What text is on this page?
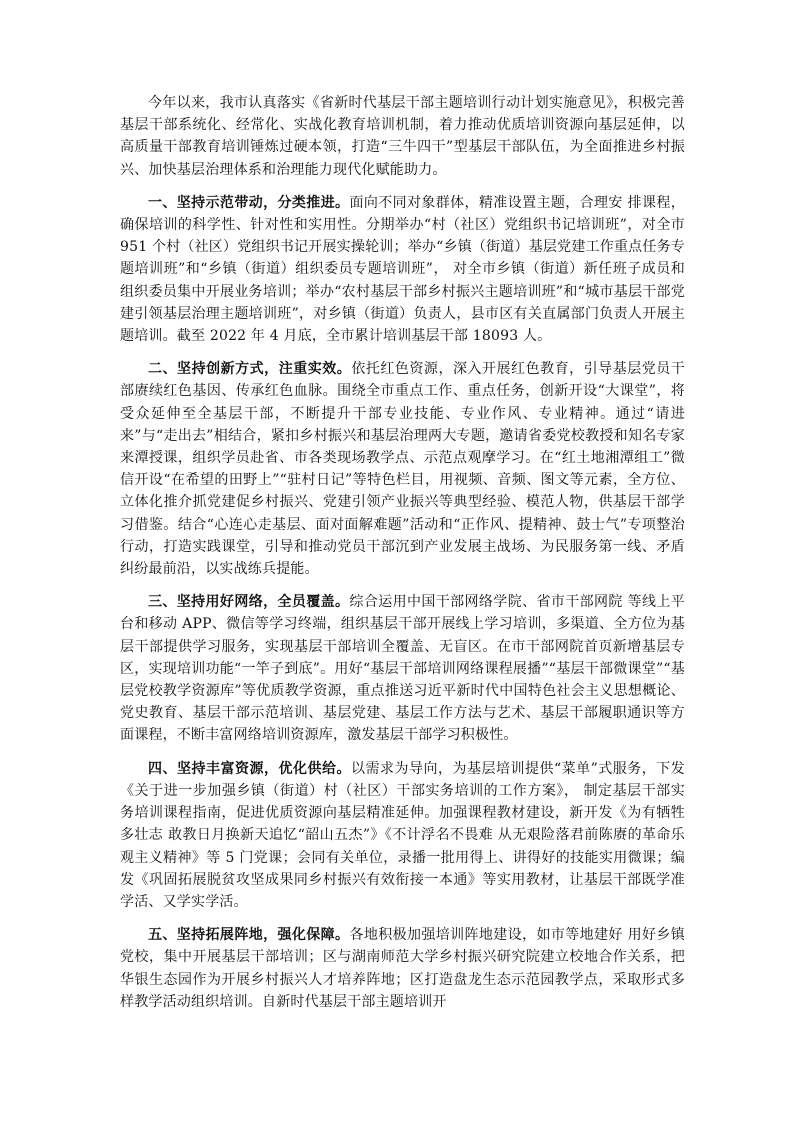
今年以来，我市认真落实《省新时代基层干部主题培训行动计划实施意见》，积极完善基层干部系统化、经常化、实战化教育培训机制，着力推动优质培训资源向基层延伸，以高质量干部教育培训锤炼过硬本领，打造“三牛四干”型基层干部队伍，为全面推进乡村振兴、加快基层治理体系和治理能力现代化赋能助力。

一、坚持示范带动，分类推进。面向不同对象群体，精准设置主题，合理安 排课程，确保培训的科学性、针对性和实用性。分期举办“村（社区）党组织书记培训班”，对全市 951 个村（社区）党组织书记开展实操轮训；举办“乡镇（街道）基层党建工作重点任务专题培训班”和“乡镇（街道）组织委员专题培训班”， 对全市乡镇（街道）新任班子成员和组织委员集中开展业务培训；举办“农村基层干部乡村振兴主题培训班”和“城市基层干部党建引领基层治理主题培训班”，对乡镇（街道）负责人，县市区有关直属部门负责人开展主题培训。截至 2022 年 4 月底，全市累计培训基层干部 18093 人。

二、坚持创新方式，注重实效。依托红色资源，深入开展红色教育，引导基层党员干部赓续红色基因、传承红色血脉。围绕全市重点工作、重点任务，创新开设“大课堂”，将受众延伸至全基层干部，不断提升干部专业技能、专业作风、专业精神。通过“请进来”与“走出去”相结合，紧扣乡村振兴和基层治理两大专题，邀请省委党校教授和知名专家来潭授课，组织学员赴省、市各类现场教学点、示范点观摩学习。在“红土地湘潭组工”微信开设“在希望的田野上”“驻村日记”等特色栏目，用视频、音频、图文等元素，全方位、立体化推介抓党建促乡村振兴、党建引领产业振兴等典型经验、模范人物，供基层干部学习借鉴。结合“心连心走基层、面对面解难题”活动和“正作风、提精神、鼓士气”专项整治行动，打造实践课堂，引导和推动党员干部沉到产业发展主战场、为民服务第一线、矛盾纠纷最前沿，以实战练兵提能。

三、坚持用好网络，全员覆盖。综合运用中国干部网络学院、省市干部网院 等线上平台和移动 APP、微信等学习终端，组织基层干部开展线上学习培训，多渠道、全方位为基层干部提供学习服务，实现基层干部培训全覆盖、无盲区。在市干部网院首页新增基层专区，实现培训功能“一竿子到底”。用好“基层干部培训网络课程展播”“基层干部微课堂”“基层党校教学资源库”等优质教学资源，重点推送习近平新时代中国特色社会主义思想概论、党史教育、基层干部示范培训、基层党建、基层工作方法与艺术、基层干部履职通识等方面课程，不断丰富网络培训资源库，激发基层干部学习积极性。

四、坚持丰富资源，优化供给。以需求为导向，为基层培训提供“菜单”式服务，下发《关于进一步加强乡镇（街道）村（社区）干部实务培训的工作方案》， 制定基层干部实务培训课程指南，促进优质资源向基层精准延伸。加强课程教材建设，新开发《为有牺牲多壮志 敢教日月换新天追忆“韶山五杰”》《不计浮名不畏难 从无艰险落君前陈赓的革命乐观主义精神》等 5 门党课；会同有关单位，录播一批用得上、讲得好的技能实用微课；编发《巩固拓展脱贫攻坚成果同乡村振兴有效衔接一本通》等实用教材，让基层干部既学准学活、又学实学活。

五、坚持拓展阵地，强化保障。各地积极加强培训阵地建设，如市等地建好 用好乡镇党校，集中开展基层干部培训；区与湖南师范大学乡村振兴研究院建立校地合作关系，把华银生态园作为开展乡村振兴人才培养阵地；区打造盘龙生态示范园教学点，采取形式多样教学活动组织培训。自新时代基层干部主题培训开
